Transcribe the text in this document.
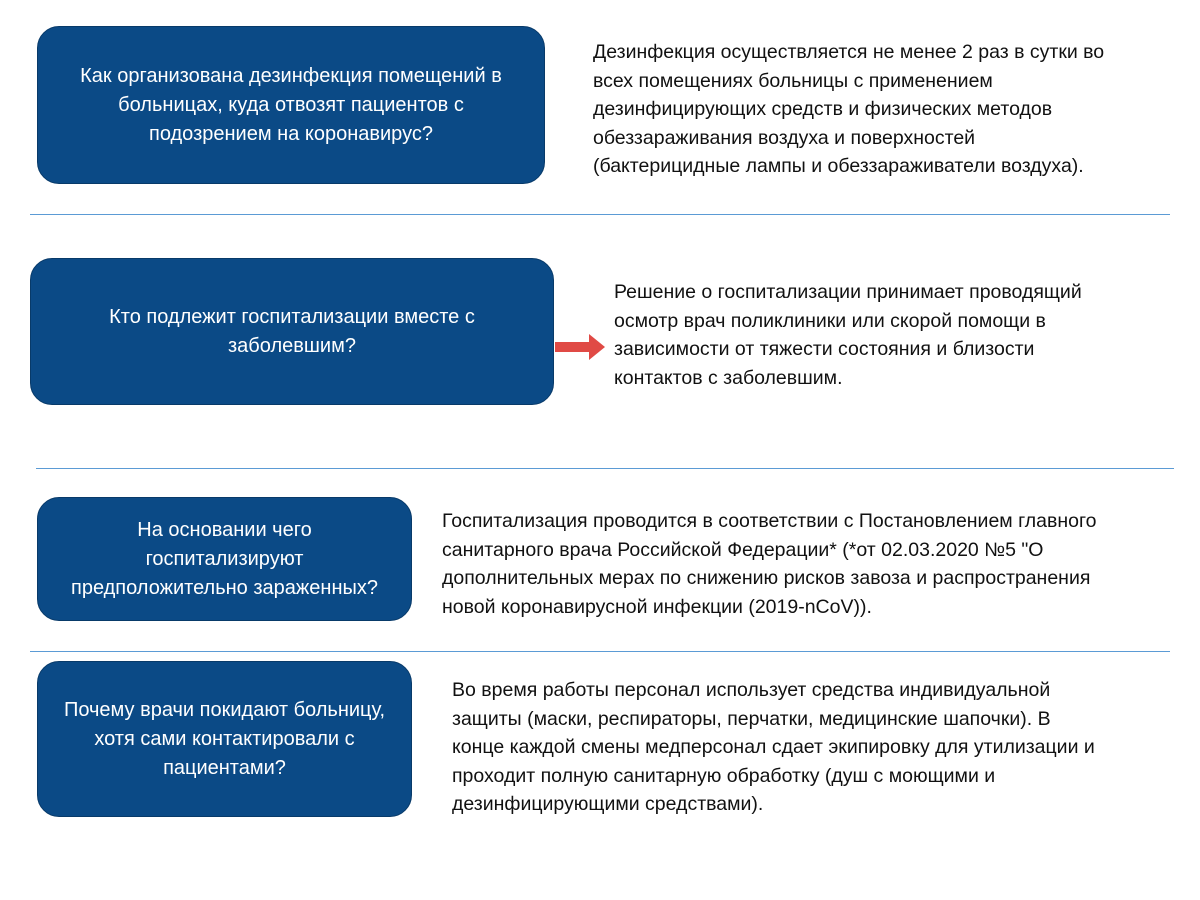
Как организована дезинфекция помещений в больницах, куда отвозят пациентов с подозрением на коронавирус?
Дезинфекция осуществляется не менее 2 раз в сутки во
всех помещениях больницы с применением
дезинфицирующих средств и физических методов
обеззараживания воздуха и поверхностей
(бактерицидные лампы и обеззараживатели воздуха).
Кто подлежит госпитализации вместе с заболевшим?
Решение о госпитализации принимает проводящий
осмотр врач поликлиники или скорой помощи в
зависимости от тяжести состояния и близости
контактов с заболевшим.
На основании чего госпитализируют предположительно зараженных?
Госпитализация проводится в соответствии с Постановлением главного
санитарного врача Российской Федерации* (*от 02.03.2020 №5 "О
дополнительных мерах по снижению рисков завоза и распространения
новой коронавирусной инфекции (2019-nCoV)).
Почему врачи покидают больницу, хотя сами контактировали с пациентами?
Во время работы персонал использует средства индивидуальной
защиты (маски, респираторы, перчатки, медицинские шапочки). В
конце каждой смены медперсонал сдает экипировку для утилизации и
проходит полную санитарную обработку (душ с моющими и
дезинфицирующими средствами).
